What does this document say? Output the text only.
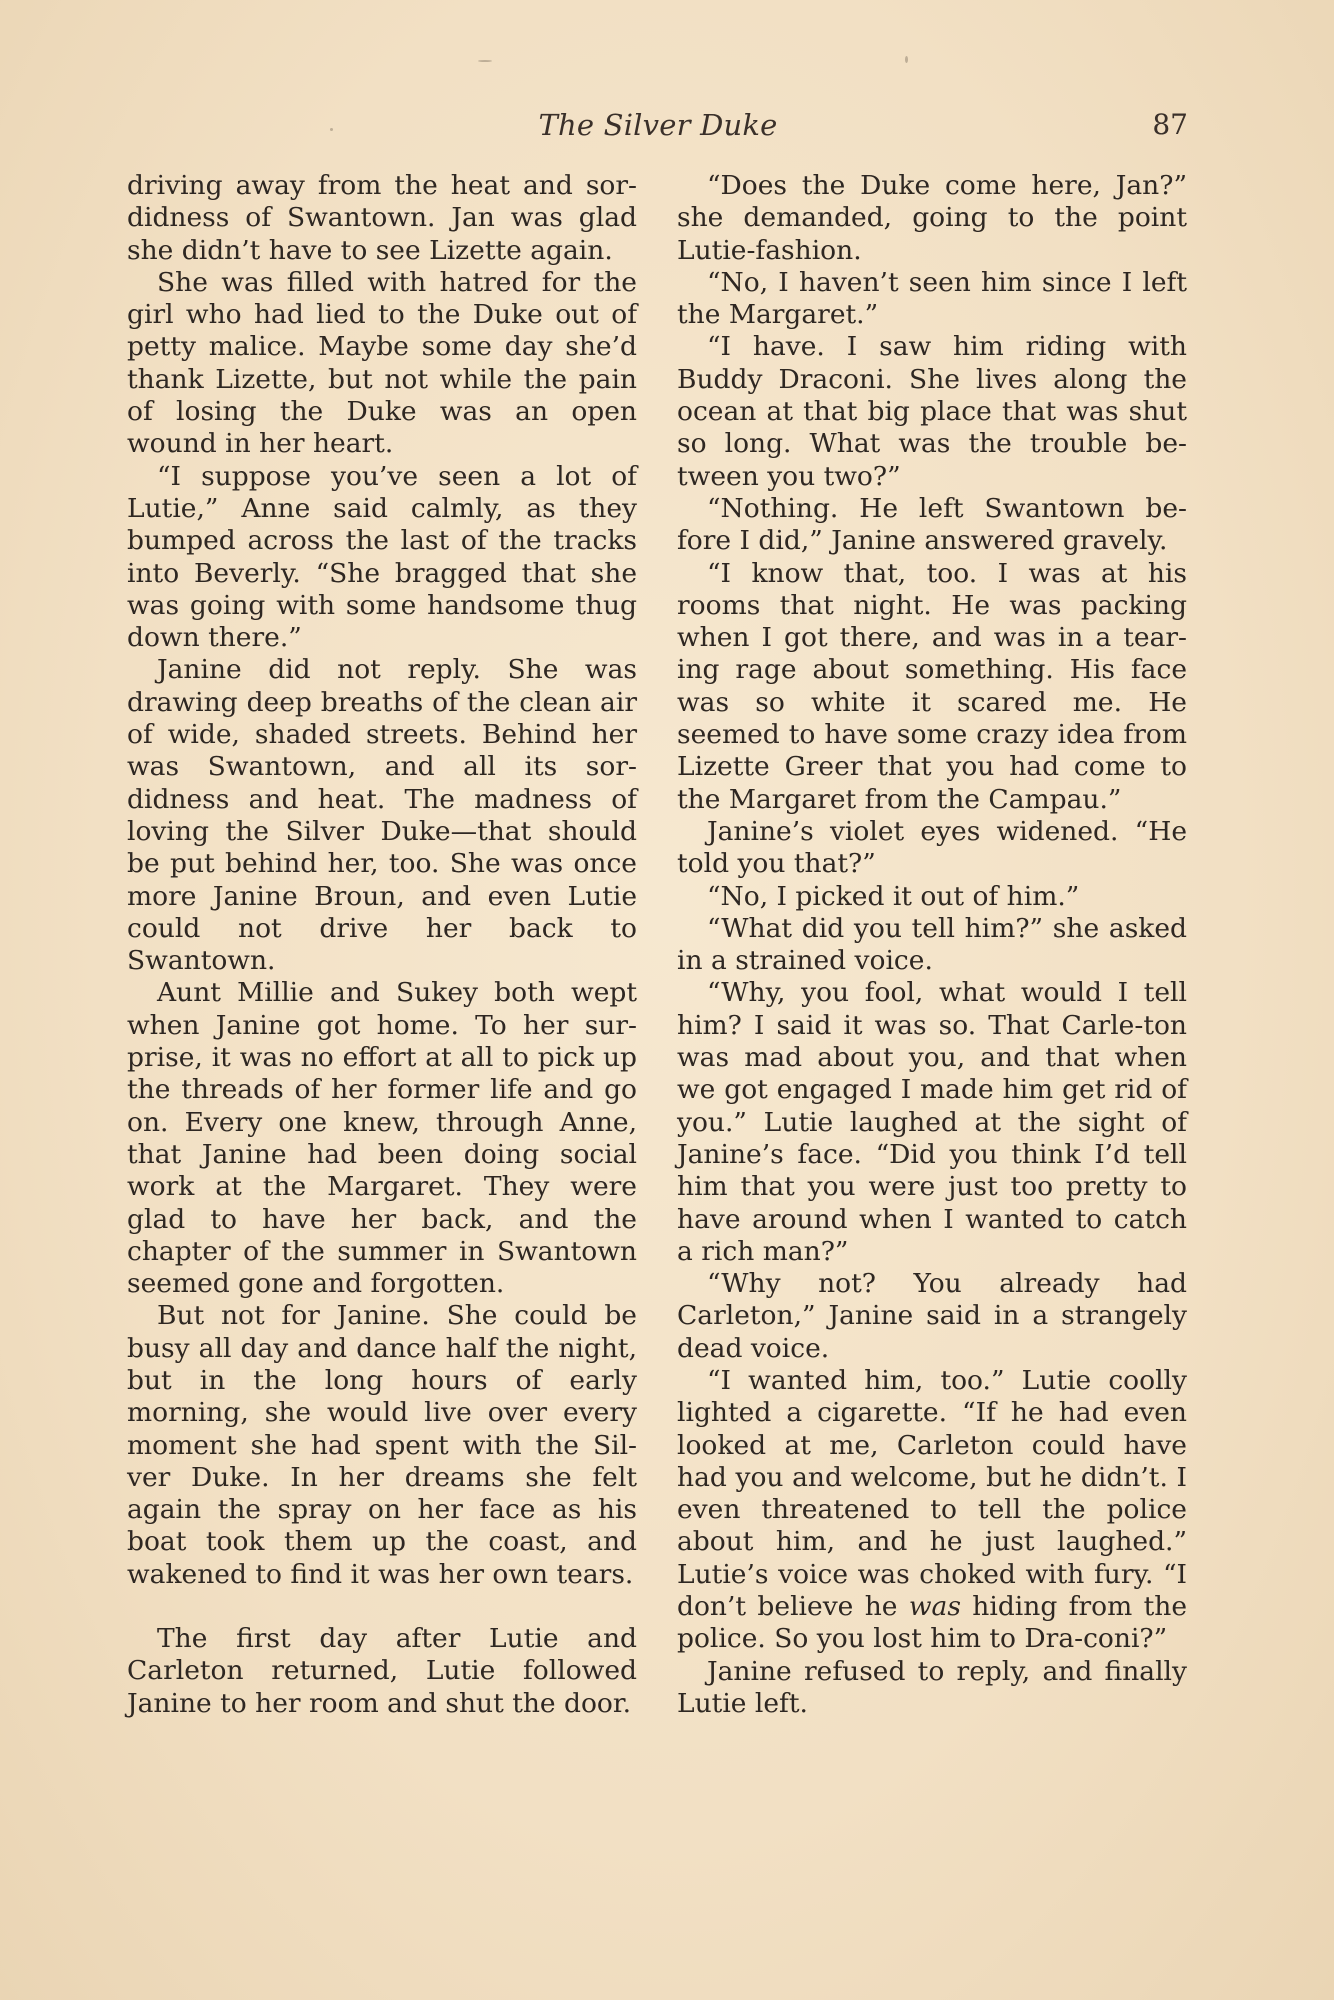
The Silver Duke	87

driving away from the heat and sor-didness of Swantown. Jan was glad she didn’t have to see Lizette again.

She was filled with hatred for the girl who had lied to the Duke out of petty malice. Maybe some day she’d thank Lizette, but not while the pain of losing the Duke was an open wound in her heart.

“I suppose you’ve seen a lot of Lutie,” Anne said calmly, as they bumped across the last of the tracks into Beverly. “She bragged that she was going with some handsome thug down there.”

Janine did not reply. She was drawing deep breaths of the clean air of wide, shaded streets. Behind her was Swantown, and all its sor-didness and heat. The madness of loving the Silver Duke—that should be put behind her, too. She was once more Janine Broun, and even Lutie could not drive her back to Swantown.

Aunt Millie and Sukey both wept when Janine got home. To her sur-prise, it was no effort at all to pick up the threads of her former life and go on. Every one knew, through Anne, that Janine had been doing social work at the Margaret. They were glad to have her back, and the chapter of the summer in Swantown seemed gone and forgotten.

But not for Janine. She could be busy all day and dance half the night, but in the long hours of early morning, she would live over every moment she had spent with the Sil-ver Duke. In her dreams she felt again the spray on her face as his boat took them up the coast, and wakened to find it was her own tears.

The first day after Lutie and Carleton returned, Lutie followed Janine to her room and shut the door.

“Does the Duke come here, Jan?” she demanded, going to the point Lutie-fashion.

“No, I haven’t seen him since I left the Margaret.”

“I have. I saw him riding with Buddy Draconi. She lives along the ocean at that big place that was shut so long. What was the trouble be-tween you two?”

“Nothing. He left Swantown be-fore I did,” Janine answered gravely.

“I know that, too. I was at his rooms that night. He was packing when I got there, and was in a tear-ing rage about something. His face was so white it scared me. He seemed to have some crazy idea from Lizette Greer that you had come to the Margaret from the Campau.”

Janine’s violet eyes widened. “He told you that?”

“No, I picked it out of him.”

“What did you tell him?” she asked in a strained voice.

“Why, you fool, what would I tell him? I said it was so. That Carle-ton was mad about you, and that when we got engaged I made him get rid of you.” Lutie laughed at the sight of Janine’s face. “Did you think I’d tell him that you were just too pretty to have around when I wanted to catch a rich man?”

“Why not? You already had Carleton,” Janine said in a strangely dead voice.

“I wanted him, too.” Lutie coolly lighted a cigarette. “If he had even looked at me, Carleton could have had you and welcome, but he didn’t. I even threatened to tell the police about him, and he just laughed.” Lutie’s voice was choked with fury. “I don’t believe he was hiding from the police. So you lost him to Dra-coni?”

Janine refused to reply, and finally Lutie left.
